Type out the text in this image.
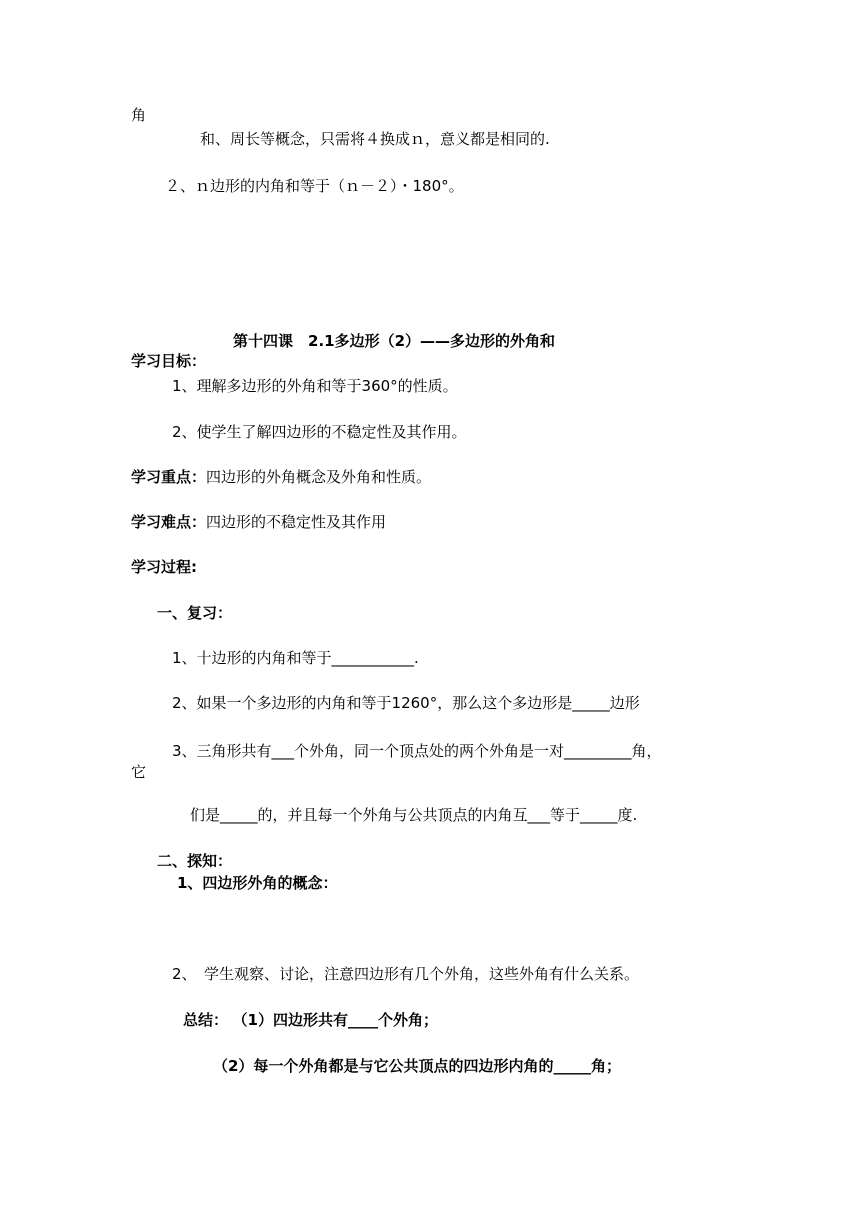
角
和、周长等概念，只需将４换成ｎ，意义都是相同的.
２、ｎ边形的内角和等于（ｎ－２）・180°。
第十四课　2.1多边形（2）——多边形的外角和
学习目标：
1、理解多边形的外角和等于360°的性质。
2、使学生了解四边形的不稳定性及其作用。
学习重点：四边形的外角概念及外角和性质。
学习难点：四边形的不稳定性及其作用
学习过程:
一、复习：
1、十边形的内角和等于___________.
2、如果一个多边形的内角和等于1260°，那么这个多边形是_____边形
3、三角形共有___个外角，同一个顶点处的两个外角是一对_________角，
它
们是_____的，并且每一个外角与公共顶点的内角互___等于_____度.
二、探知：
1、四边形外角的概念：
2、　学生观察、讨论，注意四边形有几个外角，这些外角有什么关系。
总结： （1）四边形共有____个外角；
（2）每一个外角都是与它公共顶点的四边形内角的_____角；
